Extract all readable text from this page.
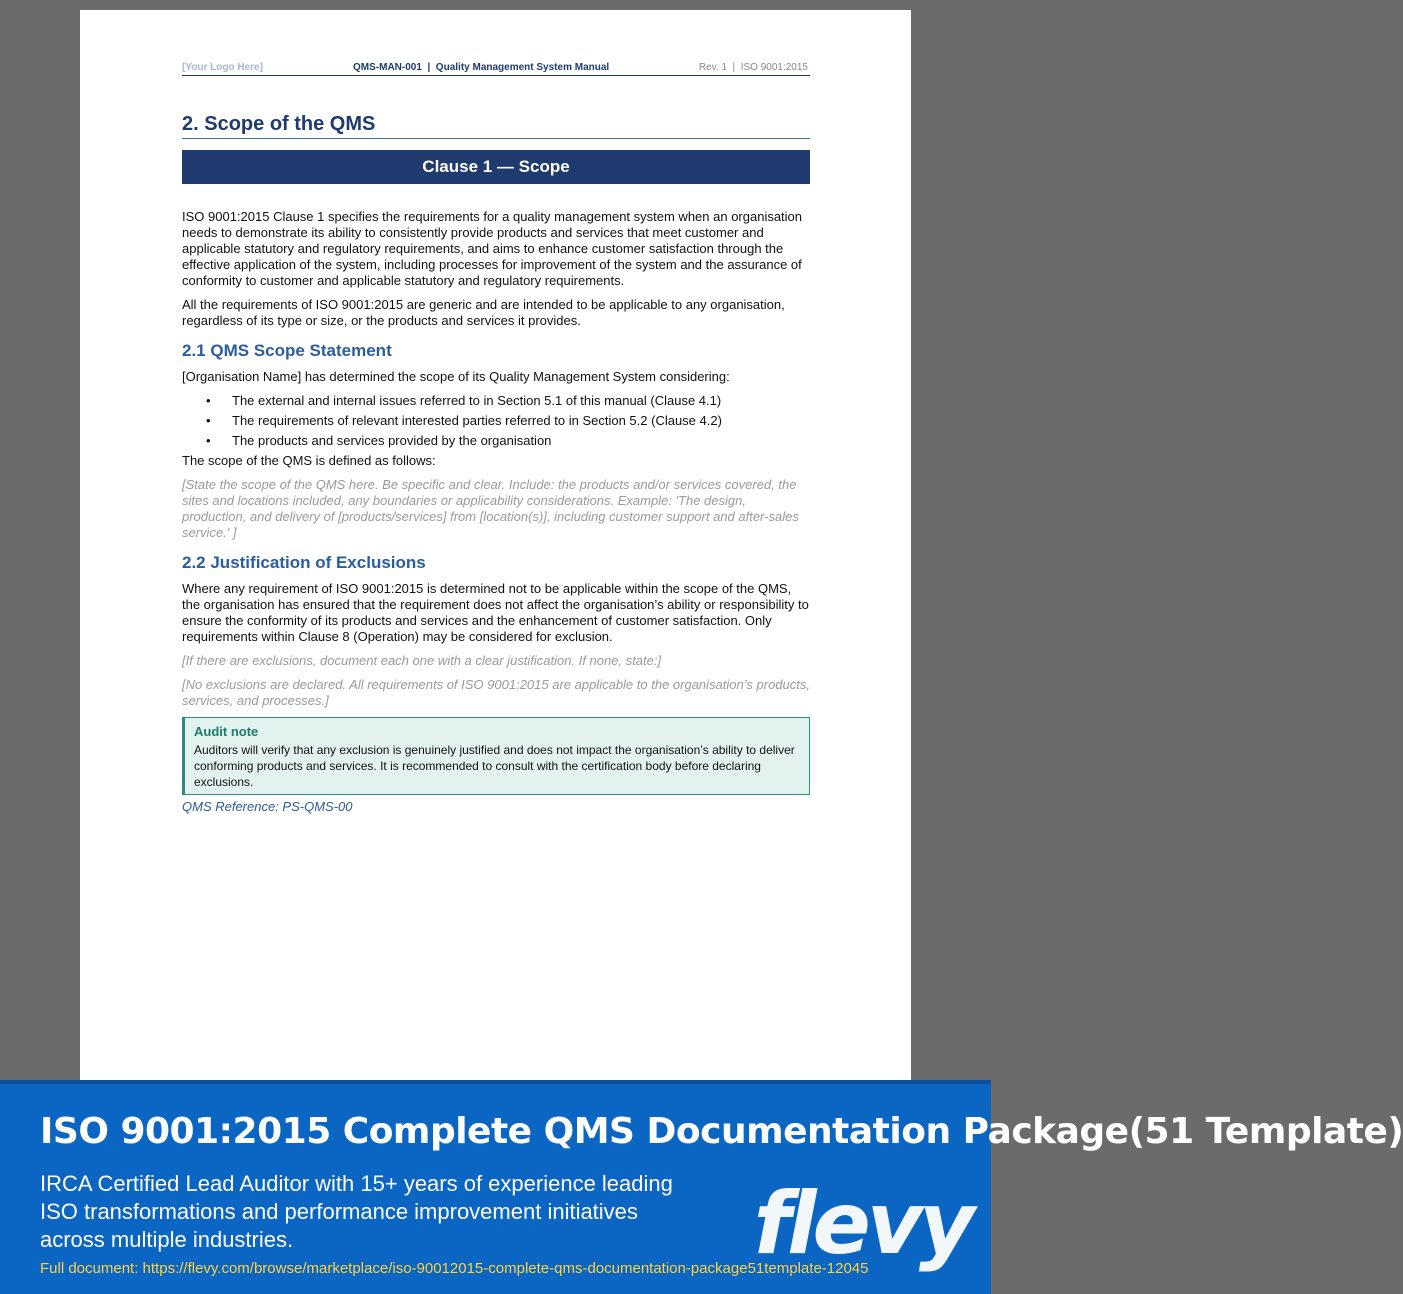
[Your Logo Here]	QMS-MAN-001  |  Quality Management System Manual	Rev. 1  |  ISO 9001:2015
2. Scope of the QMS
Clause 1 — Scope

ISO 9001:2015 Clause 1 specifies the requirements for a quality management system when an organisation needs to demonstrate its ability to consistently provide products and services that meet customer and applicable statutory and regulatory requirements, and aims to enhance customer satisfaction through the effective application of the system, including processes for improvement of the system and the assurance of conformity to customer and applicable statutory and regulatory requirements.

All the requirements of ISO 9001:2015 are generic and are intended to be applicable to any organisation, regardless of its type or size, or the products and services it provides.

2.1 QMS Scope Statement

[Organisation Name] has determined the scope of its Quality Management System considering:

• The external and internal issues referred to in Section 5.1 of this manual (Clause 4.1)
• The requirements of relevant interested parties referred to in Section 5.2 (Clause 4.2)
• The products and services provided by the organisation

The scope of the QMS is defined as follows:

[State the scope of the QMS here. Be specific and clear. Include: the products and/or services covered, the sites and locations included, any boundaries or applicability considerations. Example: 'The design, production, and delivery of [products/services] from [location(s)], including customer support and after-sales service.' ]

2.2 Justification of Exclusions

Where any requirement of ISO 9001:2015 is determined not to be applicable within the scope of the QMS, the organisation has ensured that the requirement does not affect the organisation’s ability or responsibility to ensure the conformity of its products and services and the enhancement of customer satisfaction. Only requirements within Clause 8 (Operation) may be considered for exclusion.

[If there are exclusions, document each one with a clear justification. If none, state:]

[No exclusions are declared. All requirements of ISO 9001:2015 are applicable to the organisation’s products, services, and processes.]

Audit note
Auditors will verify that any exclusion is genuinely justified and does not impact the organisation’s ability to deliver conforming products and services. It is recommended to consult with the certification body before declaring exclusions.
QMS Reference: PS-QMS-00
ISO 9001:2015 Complete QMS Documentation Package(51 Template)
IRCA Certified Lead Auditor with 15+ years of experience leading ISO transformations and performance improvement initiatives across multiple industries.	flevy
Full document: https://flevy.com/browse/marketplace/iso-90012015-complete-qms-documentation-package51template-12045
